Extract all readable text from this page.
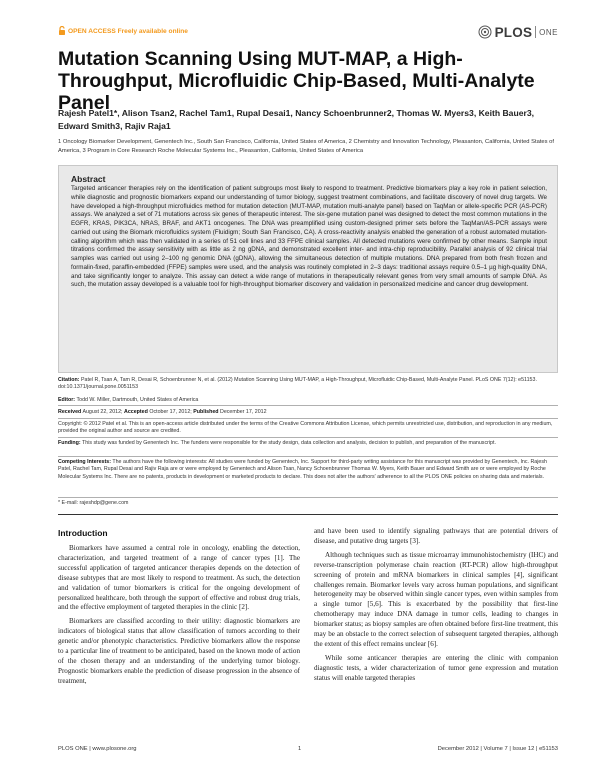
OPEN ACCESS Freely available online	PLOS ONE
Mutation Scanning Using MUT-MAP, a High-Throughput, Microfluidic Chip-Based, Multi-Analyte Panel
Rajesh Patel1*, Alison Tsan2, Rachel Tam1, Rupal Desai1, Nancy Schoenbrunner2, Thomas W. Myers3, Keith Bauer3, Edward Smith3, Rajiv Raja1
1 Oncology Biomarker Development, Genentech Inc., South San Francisco, California, United States of America, 2 Chemistry and Innovation Technology, Pleasanton, California, United States of America, 3 Program in Core Research Roche Molecular Systems Inc., Pleasanton, California, United States of America
Abstract
Targeted anticancer therapies rely on the identification of patient subgroups most likely to respond to treatment. Predictive biomarkers play a key role in patient selection, while diagnostic and prognostic biomarkers expand our understanding of tumor biology, suggest treatment combinations, and facilitate discovery of novel drug targets. We have developed a high-throughput microfluidics method for mutation detection (MUT-MAP, mutation multi-analyte panel) based on TaqMan or allele-specific PCR (AS-PCR) assays. We analyzed a set of 71 mutations across six genes of therapeutic interest. The six-gene mutation panel was designed to detect the most common mutations in the EGFR, KRAS, PIK3CA, NRAS, BRAF, and AKT1 oncogenes. The DNA was preamplified using custom-designed primer sets before the TaqMan/AS-PCR assays were carried out using the Biomark microfluidics system (Fluidigm; South San Francisco, CA). A cross-reactivity analysis enabled the generation of a robust automated mutation-calling algorithm which was then validated in a series of 51 cell lines and 33 FFPE clinical samples. All detected mutations were confirmed by other means. Sample input titrations confirmed the assay sensitivity with as little as 2 ng gDNA, and demonstrated excellent inter- and intra-chip reproducibility. Parallel analysis of 92 clinical trial samples was carried out using 2–100 ng genomic DNA (gDNA), allowing the simultaneous detection of multiple mutations. DNA prepared from both fresh frozen and formalin-fixed, paraffin-embedded (FFPE) samples were used, and the analysis was routinely completed in 2–3 days: traditional assays require 0.5–1 µg high-quality DNA, and take significantly longer to analyze. This assay can detect a wide range of mutations in therapeutically relevant genes from very small amounts of sample DNA. As such, the mutation assay developed is a valuable tool for high-throughput biomarker discovery and validation in personalized medicine and cancer drug development.
Citation: Patel R, Tsan A, Tam R, Desai R, Schoenbrunner N, et al. (2012) Mutation Scanning Using MUT-MAP, a High-Throughput, Microfluidic Chip-Based, Multi-Analyte Panel. PLoS ONE 7(12): e51153. doi:10.1371/journal.pone.0051153
Editor: Todd W. Miller, Dartmouth, United States of America
Received August 22, 2012; Accepted October 17, 2012; Published December 17, 2012
Copyright: © 2012 Patel et al. This is an open-access article distributed under the terms of the Creative Commons Attribution License, which permits unrestricted use, distribution, and reproduction in any medium, provided the original author and source are credited.
Funding: This study was funded by Genentech Inc. The funders were responsible for the study design, data collection and analysis, decision to publish, and preparation of the manuscript.
Competing Interests: The authors have the following interests: All studies were funded by Genentech, Inc. Support for third-party writing assistance for this manuscript was provided by Genentech, Inc. Rajesh Patel, Rachel Tam, Rupal Desai and Rajiv Raja are or were employed by Genentech and Alison Tsan, Nancy Schoenbrunner Thomas W. Myers, Keith Bauer and Edward Smith are or were employed by Roche Molecular Systems Inc. There are no patents, products in development or marketed products to declare. This does not alter the authors' adherence to all the PLOS ONE policies on sharing data and materials.
* E-mail: rajeshdp@gene.com
Introduction

Biomarkers have assumed a central role in oncology, enabling the detection, characterization, and targeted treatment of a range of cancer types [1]. The successful application of targeted anticancer therapies depends on the detection of disease subtypes that are most likely to respond to treatment. As such, the detection and validation of tumor biomarkers is critical for the ongoing development of personalized healthcare, both through the support of effective and robust drug trials, and the effective employment of targeted therapies in the clinic [2].

Biomarkers are classified according to their utility: diagnostic biomarkers are indicators of biological status that allow classification of tumors according to their genetic and/or phenotypic characteristics. Predictive biomarkers allow the response to a particular line of treatment to be anticipated, based on the known mode of action of the chosen therapy and an understanding of the underlying tumor biology. Prognostic biomarkers enable the prediction of disease progression in the absence of treatment,

and have been used to identify signaling pathways that are potential drivers of disease, and putative drug targets [3].

Although techniques such as tissue microarray immunohistochemistry (IHC) and reverse-transcription polymerase chain reaction (RT-PCR) allow high-throughput screening of protein and mRNA biomarkers in clinical samples [4], significant challenges remain. Biomarker levels vary across human populations, and significant heterogeneity may be observed within single cancer types, even within samples from a single tumor [5,6]. This is exacerbated by the possibility that first-line chemotherapy may induce DNA damage in tumor cells, leading to changes in biomarker status; as biopsy samples are often obtained before first-line treatment, this may be an obstacle to the correct selection of subsequent targeted therapies, although the extent of this effect remains unclear [6].

While some anticancer therapies are entering the clinic with companion diagnostic tests, a wider characterization of tumor gene expression and mutation status will enable targeted therapies

PLOS ONE | www.plosone.org	1	December 2012 | Volume 7 | Issue 12 | e51153
